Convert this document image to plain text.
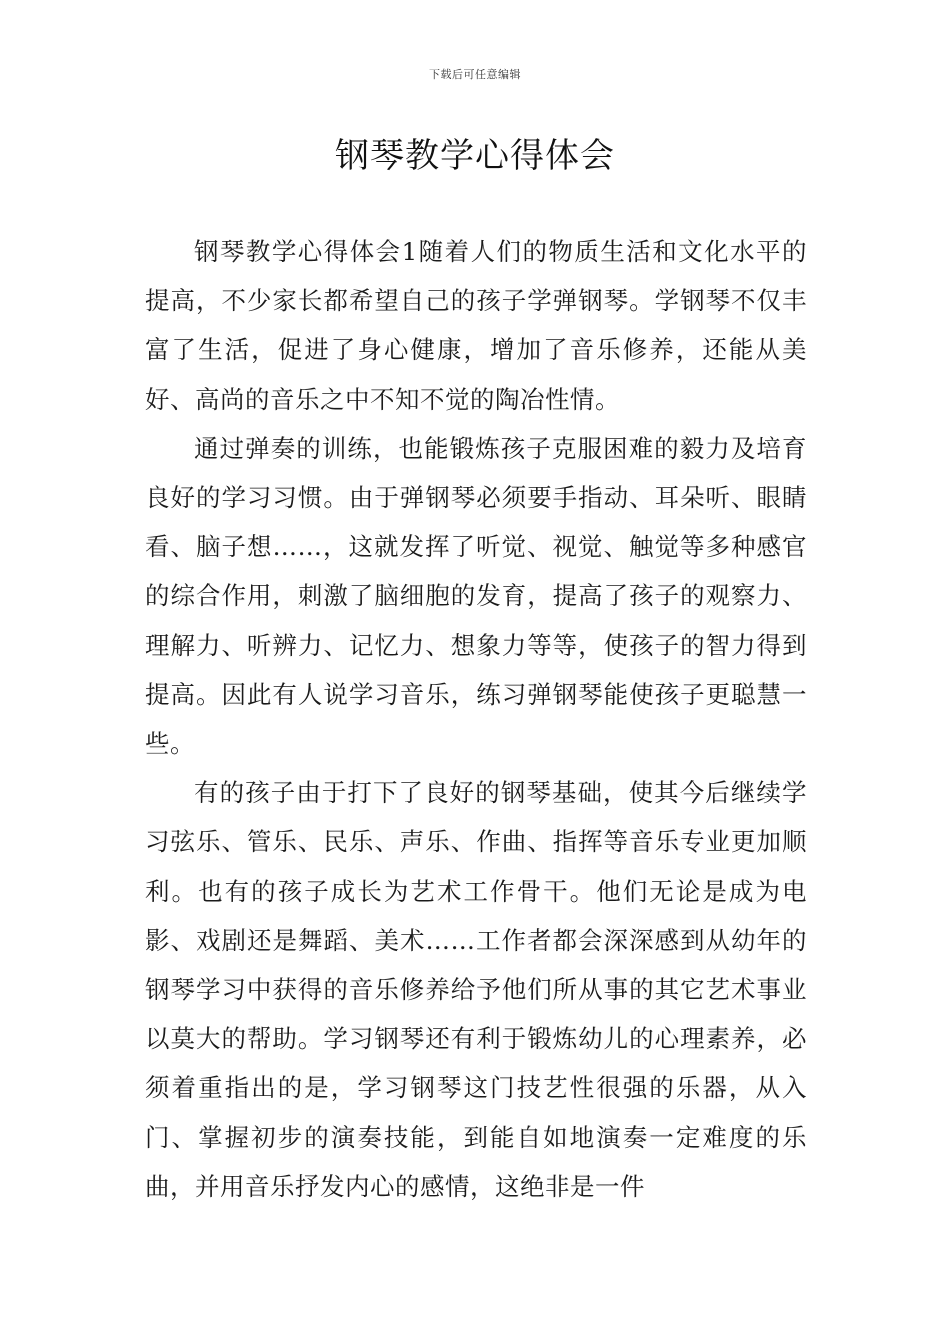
下载后可任意编辑
钢琴教学心得体会

钢琴教学心得体会1随着人们的物质生活和文化水平的提高，不少家长都希望自己的孩子学弹钢琴。学钢琴不仅丰富了生活，促进了身心健康，增加了音乐修养，还能从美好、高尚的音乐之中不知不觉的陶冶性情。

通过弹奏的训练，也能锻炼孩子克服困难的毅力及培育良好的学习习惯。由于弹钢琴必须要手指动、耳朵听、眼睛看、脑子想……，这就发挥了听觉、视觉、触觉等多种感官的综合作用，刺激了脑细胞的发育，提高了孩子的观察力、理解力、听辨力、记忆力、想象力等等，使孩子的智力得到提高。因此有人说学习音乐，练习弹钢琴能使孩子更聪慧一些。

有的孩子由于打下了良好的钢琴基础，使其今后继续学习弦乐、管乐、民乐、声乐、作曲、指挥等音乐专业更加顺利。也有的孩子成长为艺术工作骨干。他们无论是成为电影、戏剧还是舞蹈、美术……工作者都会深深感到从幼年的钢琴学习中获得的音乐修养给予他们所从事的其它艺术事业以莫大的帮助。学习钢琴还有利于锻炼幼儿的心理素养，必须着重指出的是，学习钢琴这门技艺性很强的乐器，从入门、掌握初步的演奏技能，到能自如地演奏一定难度的乐曲，并用音乐抒发内心的感情，这绝非是一件
